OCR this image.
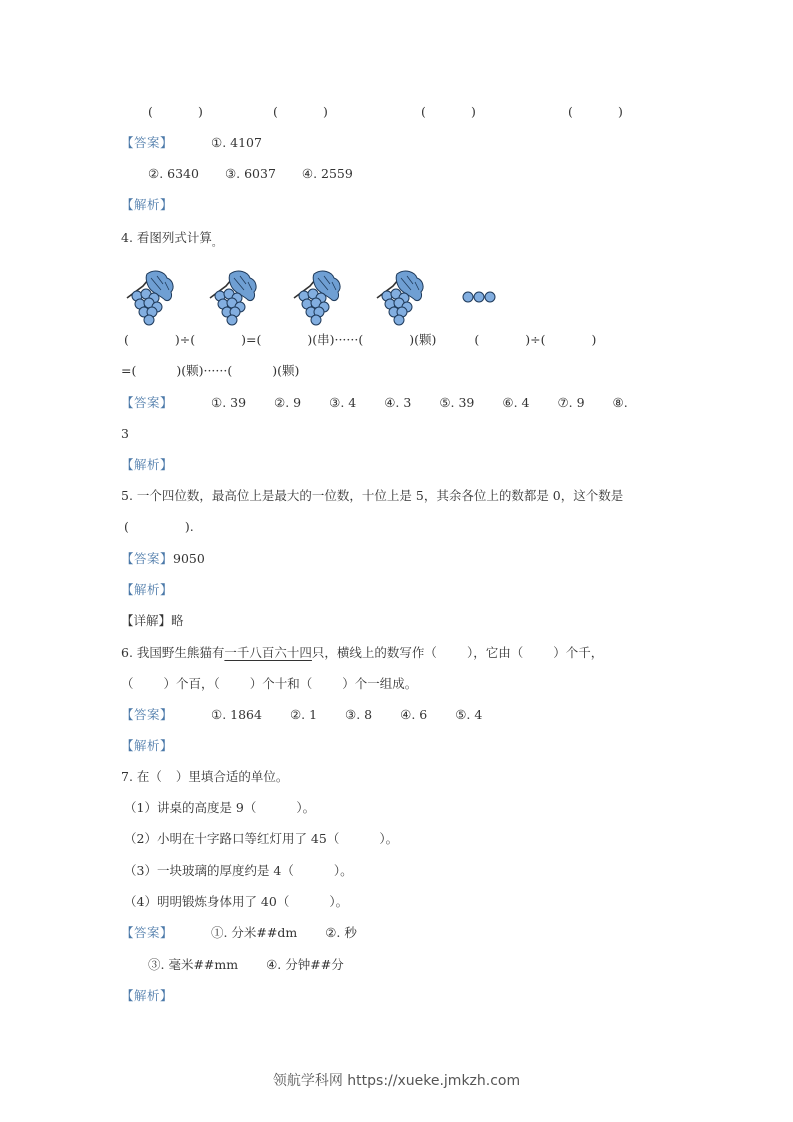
(	)	(	)	(	)	(	)
【答案】	①. 4107
②. 6340 ③. 6037 ④. 2559
【解析】
4. 看图列式计算$_。$
(	)÷(	)=(	)(串)······(	)(颗)	(	)÷(	)
=(	)(颗)······(	)(颗)
【答案】	①. 39 ②. 9 ③. 4 ④. 3 ⑤. 39 ⑥. 4 ⑦. 9 ⑧.
3
【解析】
5. 一个四位数，最高位上是最大的一位数，十位上是 5，其余各位上的数都是 0，这个数是
(	).
【答案】9050
【解析】
【详解】略
6. 我国野生熊猫有一千八百六十四只，横线上的数写作（ ），它由（ ）个千，
（ ）个百，（ ）个十和（ ）个一组成。
【答案】	①. 1864 ②. 1 ③. 8 ④. 6 ⑤. 4
【解析】
7. 在（ ）里填合适的单位。
（1）讲桌的高度是 9（	）。
（2）小明在十字路口等红灯用了 45（	）。
（3）一块玻璃的厚度约是 4（	）。
（4）明明锻炼身体用了 40（	）。
【答案】	①. 分米##dm ②. 秒
③. 毫米##mm ④. 分钟##分
【解析】
领航学科网 https://xueke.jmkzh.com
